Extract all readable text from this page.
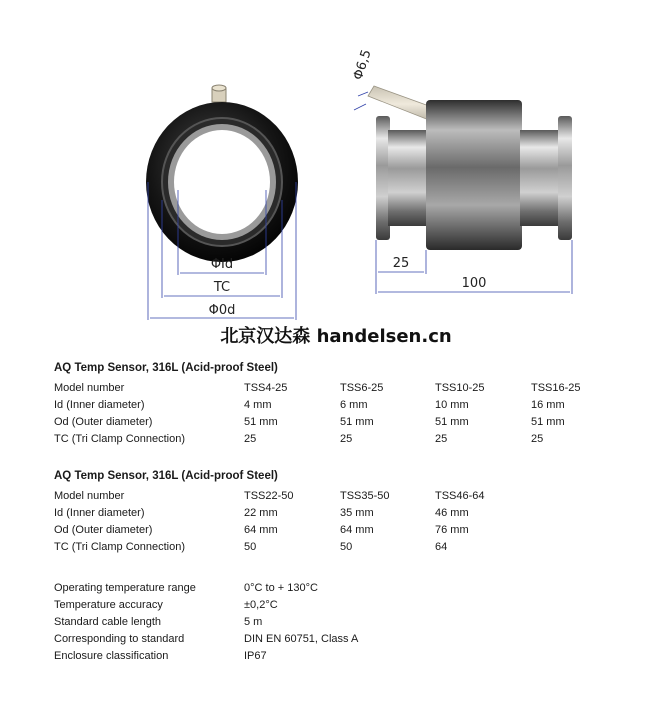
ΦId
TC
Φ0d
Φ6,5
25
100
北京汉达森 handelsen.cn
AQ Temp Sensor, 316L (Acid-proof Steel)
Model number	TSS4-25	TSS6-25	TSS10-25	TSS16-25
Id (Inner diameter)	4 mm	6 mm	10 mm	16 mm
Od (Outer diameter)	51 mm	51 mm	51 mm	51 mm
TC (Tri Clamp Connection)	25	25	25	25
AQ Temp Sensor, 316L (Acid-proof Steel)
Model number	TSS22-50	TSS35-50	TSS46-64
Id (Inner diameter)	22 mm	35 mm	46 mm
Od (Outer diameter)	64 mm	64 mm	76 mm
TC (Tri Clamp Connection)	50	50	64
Operating temperature range	0°C to + 130°C
Temperature accuracy	±0,2°C
Standard cable length	5 m
Corresponding to standard	DIN EN 60751, Class A
Enclosure classification	IP67
